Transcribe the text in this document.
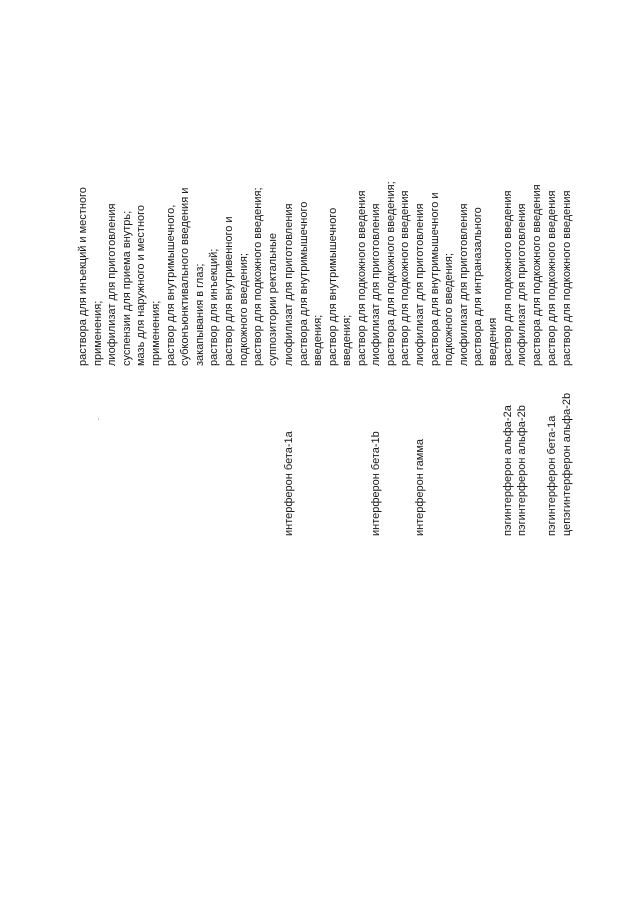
раствора для инъекций и местного применения; лиофилизат для приготовления суспензии для приема внутрь; мазь для наружного и местного применения; раствор для внутримышечного, субконъюнктивального введения и закапывания в глаз; раствор для инъекций; раствор для внутривенного и подкожного введения; раствор для подкожного введения; суппозитории ректальные
интерферон бета-1a
лиофилизат для приготовления раствора для внутримышечного введения; раствор для внутримышечного введения; раствор для подкожного введения
интерферон бета-1b
лиофилизат для приготовления раствора для подкожного введения; раствор для подкожного введения
интерферон гамма
лиофилизат для приготовления раствора для внутримышечного и подкожного введения; лиофилизат для приготовления раствора для интраназального введения
пэгинтерферон альфа-2a
раствор для подкожного введения
пэгинтерферон альфа-2b
лиофилизат для приготовления раствора для подкожного введения
пэгинтерферон бета-1a
раствор для подкожного введения
цепэгинтерферон альфа-2b
раствор для подкожного введения
